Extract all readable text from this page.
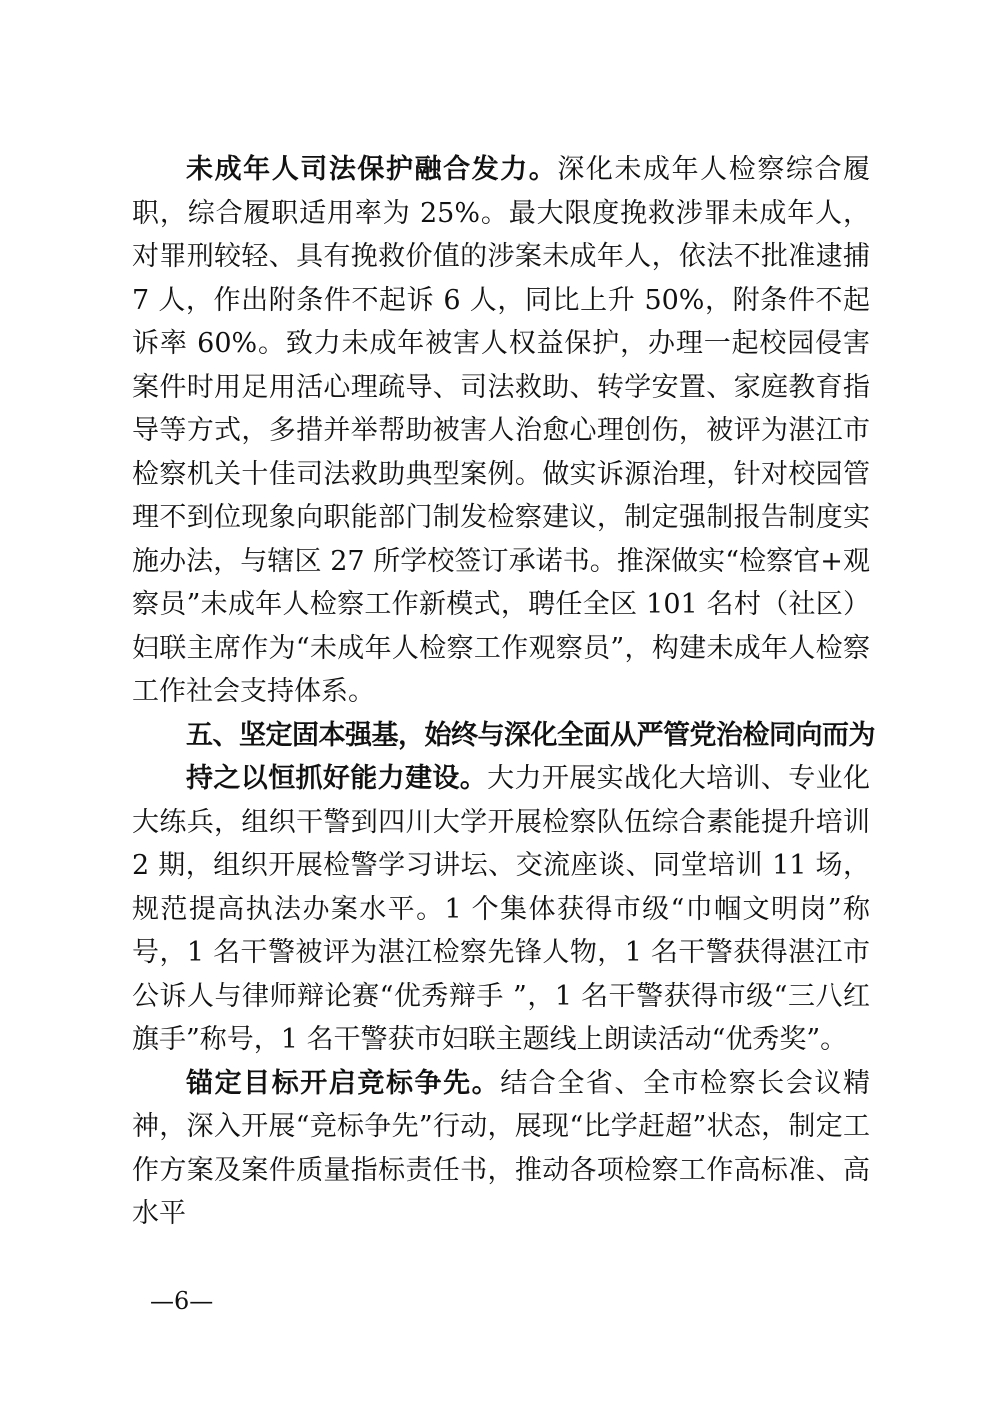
未成年人司法保护融合发力。深化未成年人检察综合履职，综合履职适用率为 25%。最大限度挽救涉罪未成年人，对罪刑较轻、具有挽救价值的涉案未成年人，依法不批准逮捕 7 人，作出附条件不起诉 6 人，同比上升 50%，附条件不起诉率 60%。致力未成年被害人权益保护，办理一起校园侵害案件时用足用活心理疏导、司法救助、转学安置、家庭教育指导等方式，多措并举帮助被害人治愈心理创伤，被评为湛江市检察机关十佳司法救助典型案例。做实诉源治理，针对校园管理不到位现象向职能部门制发检察建议，制定强制报告制度实施办法，与辖区 27 所学校签订承诺书。推深做实“检察官+观察员”未成年人检察工作新模式，聘任全区 101 名村（社区）妇联主席作为“未成年人检察工作观察员”，构建未成年人检察工作社会支持体系。

五、坚定固本强基，始终与深化全面从严管党治检同向而为

持之以恒抓好能力建设。大力开展实战化大培训、专业化大练兵，组织干警到四川大学开展检察队伍综合素能提升培训 2 期，组织开展检警学习讲坛、交流座谈、同堂培训 11 场，规范提高执法办案水平。1 个集体获得市级“巾帼文明岗”称号，1 名干警被评为湛江检察先锋人物，1 名干警获得湛江市公诉人与律师辩论赛“优秀辩手 ”，1 名干警获得市级“三八红旗手”称号，1 名干警获市妇联主题线上朗读活动“优秀奖”。

锚定目标开启竞标争先。结合全省、全市检察长会议精神，深入开展“竞标争先”行动，展现“比学赶超”状态，制定工作方案及案件质量指标责任书，推动各项检察工作高标准、高水平

—6—
